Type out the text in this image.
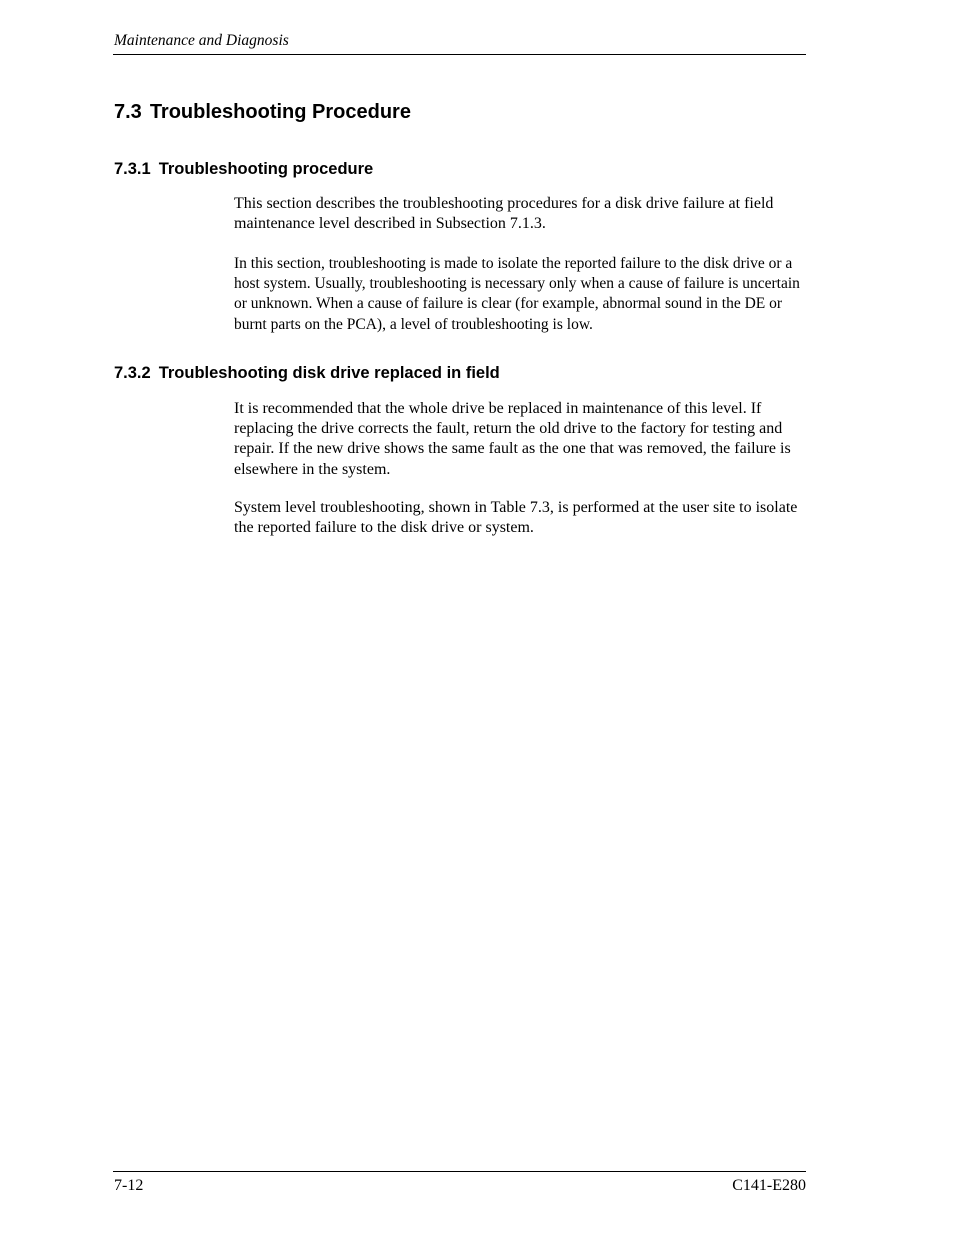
Maintenance and Diagnosis
7.3 Troubleshooting Procedure
7.3.1 Troubleshooting procedure

This section describes the troubleshooting procedures for a disk drive failure at field maintenance level described in Subsection 7.1.3.

In this section, troubleshooting is made to isolate the reported failure to the disk drive or a host system. Usually, troubleshooting is necessary only when a cause of failure is uncertain or unknown. When a cause of failure is clear (for example, abnormal sound in the DE or burnt parts on the PCA), a level of troubleshooting is low.

7.3.2 Troubleshooting disk drive replaced in field

It is recommended that the whole drive be replaced in maintenance of this level. If replacing the drive corrects the fault, return the old drive to the factory for testing and repair. If the new drive shows the same fault as the one that was removed, the failure is elsewhere in the system.

System level troubleshooting, shown in Table 7.3, is performed at the user site to isolate the reported failure to the disk drive or system.

7-12	C141-E280
